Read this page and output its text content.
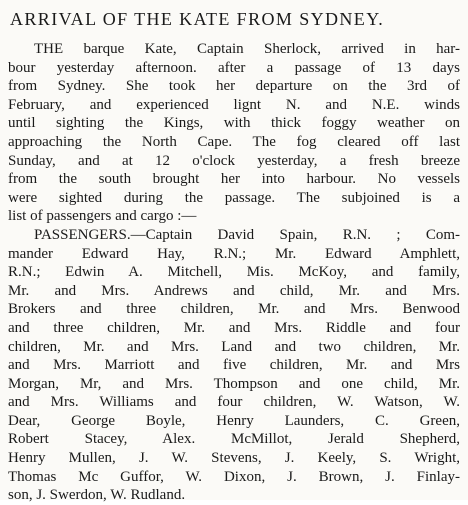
ARRIVAL OF THE KATE FROM SYDNEY.
THE barque Kate, Captain Sherlock, arrived in har-
bour yesterday afternoon. after a passage of 13 days
from Sydney. She took her departure on the 3rd of
February, and experienced lignt N. and N.E. winds
until sighting the Kings, with thick foggy weather on
approaching the North Cape. The fog cleared off last
Sunday, and at 12 o'clock yesterday, a fresh breeze
from the south brought her into harbour. No vessels
were sighted during the passage. The subjoined is a
list of passengers and cargo :—
PASSENGERS.—Captain David Spain, R.N. ; Com-
mander Edward Hay, R.N.; Mr. Edward Amphlett,
R.N.; Edwin A. Mitchell, Mis. McKoy, and family,
Mr. and Mrs. Andrews and child, Mr. and Mrs.
Brokers and three children, Mr. and Mrs. Benwood
and three children, Mr. and Mrs. Riddle and four
children, Mr. and Mrs. Land and two children, Mr.
and Mrs. Marriott and five children, Mr. and Mrs
Morgan, Mr, and Mrs. Thompson and one child, Mr.
and Mrs. Williams and four children, W. Watson, W.
Dear, George Boyle, Henry Launders, C. Green,
Robert Stacey, Alex. McMillot, Jerald Shepherd,
Henry Mullen, J. W. Stevens, J. Keely, S. Wright,
Thomas Mc Guffor, W. Dixon, J. Brown, J. Finlay-
son, J. Swerdon, W. Rudland.
